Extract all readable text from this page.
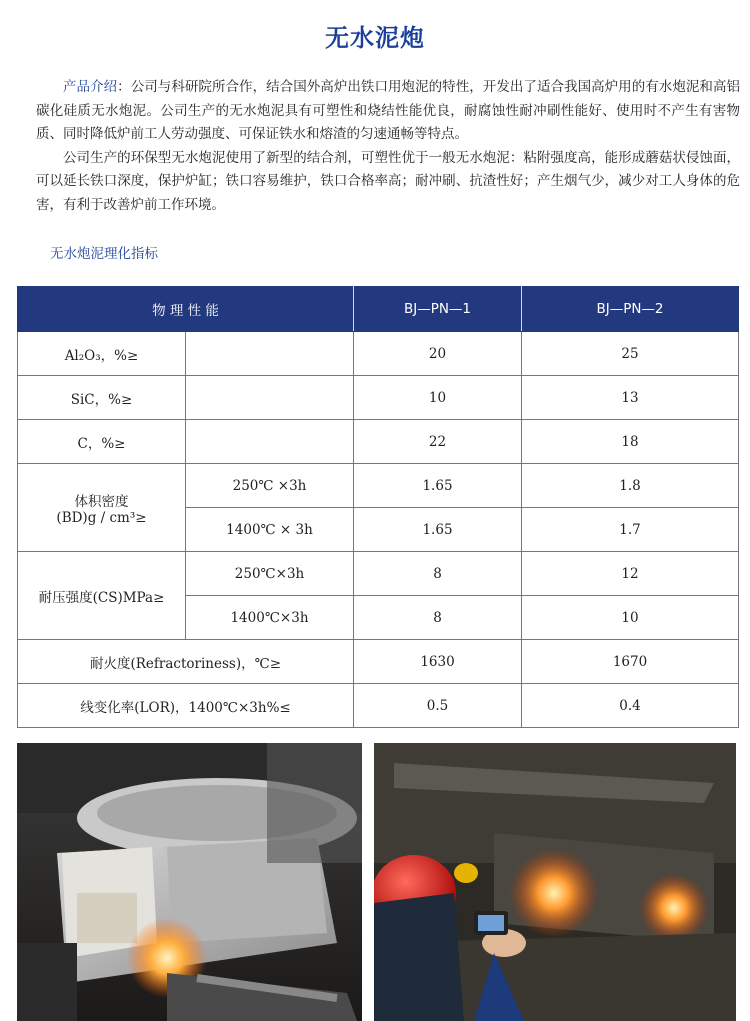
无水泥炮

产品介绍：公司与科研院所合作，结合国外高炉出铁口用炮泥的特性，开发出了适合我国高炉用的有水炮泥和高铝碳化硅质无水炮泥。公司生产的无水炮泥具有可塑性和烧结性能优良，耐腐蚀性耐冲刷性能好、使用时不产生有害物质、同时降低炉前工人劳动强度、可保证铁水和熔渣的匀速通畅等特点。

公司生产的环保型无水炮泥使用了新型的结合剂，可塑性优于一般无水炮泥：粘附强度高，能形成蘑菇状侵蚀面，可以延长铁口深度，保护炉缸；铁口容易维护，铁口合格率高；耐冲刷、抗渣性好；产生烟气少，减少对工人身体的危害，有利于改善炉前工作环境。

无水炮泥理化指标
物 理 性 能		BJ—PN—1	BJ—PN—2
Al₂O₃，%≥		20	25
SiC，%≥		10	13
C，%≥		22	18

体积密度
(BD)g / cm³≥	250℃ ×3h	1.65	1.8
	1400℃ × 3h	1.65	1.7
耐压强度(CS)MPa≥	250℃×3h	8	12
	1400℃×3h	8	10
耐火度(Refractoriness)，℃≥		1630	1670
线变化率(LOR)，1400℃×3h%≤		0.5	0.4
